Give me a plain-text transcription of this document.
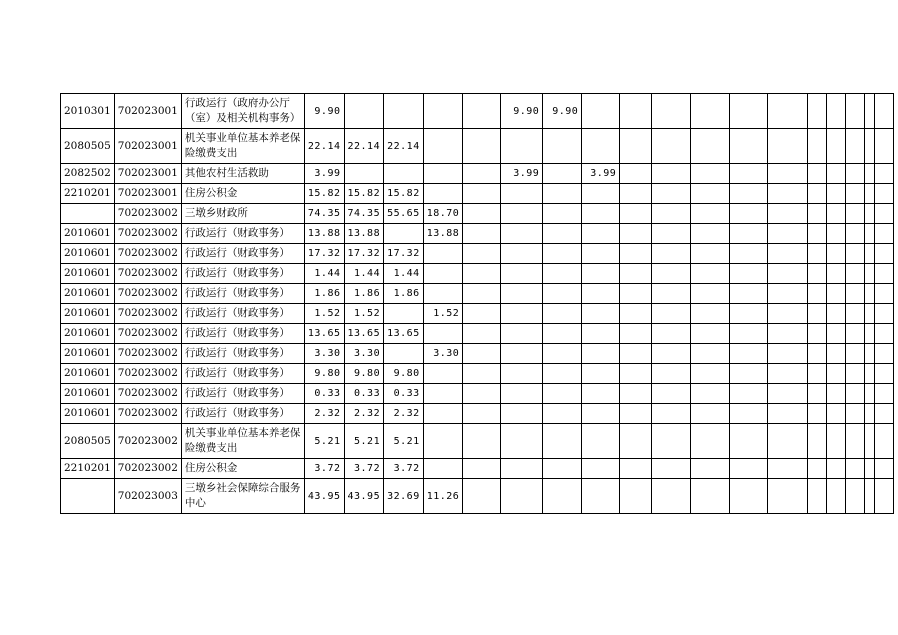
2010301	702023001	行政运行（政府办公厅（室）及相关机构事务）	9.90					9.90	9.90											
2080505	702023001	机关事业单位基本养老保险缴费支出	22.14	22.14	22.14															
2082502	702023001	其他农村生活救助	3.99					3.99		3.99										
2210201	702023001	住房公积金	15.82	15.82	15.82															
	702023002	三墩乡财政所	74.35	74.35	55.65	18.70														
2010601	702023002	行政运行（财政事务）	13.88	13.88		13.88														
2010601	702023002	行政运行（财政事务）	17.32	17.32	17.32															
2010601	702023002	行政运行（财政事务）	1.44	1.44	1.44															
2010601	702023002	行政运行（财政事务）	1.86	1.86	1.86															
2010601	702023002	行政运行（财政事务）	1.52	1.52		1.52														
2010601	702023002	行政运行（财政事务）	13.65	13.65	13.65															
2010601	702023002	行政运行（财政事务）	3.30	3.30		3.30														
2010601	702023002	行政运行（财政事务）	9.80	9.80	9.80															
2010601	702023002	行政运行（财政事务）	0.33	0.33	0.33															
2010601	702023002	行政运行（财政事务）	2.32	2.32	2.32															
2080505	702023002	机关事业单位基本养老保险缴费支出	5.21	5.21	5.21															
2210201	702023002	住房公积金	3.72	3.72	3.72															
	702023003	三墩乡社会保障综合服务中心	43.95	43.95	32.69	11.26														
